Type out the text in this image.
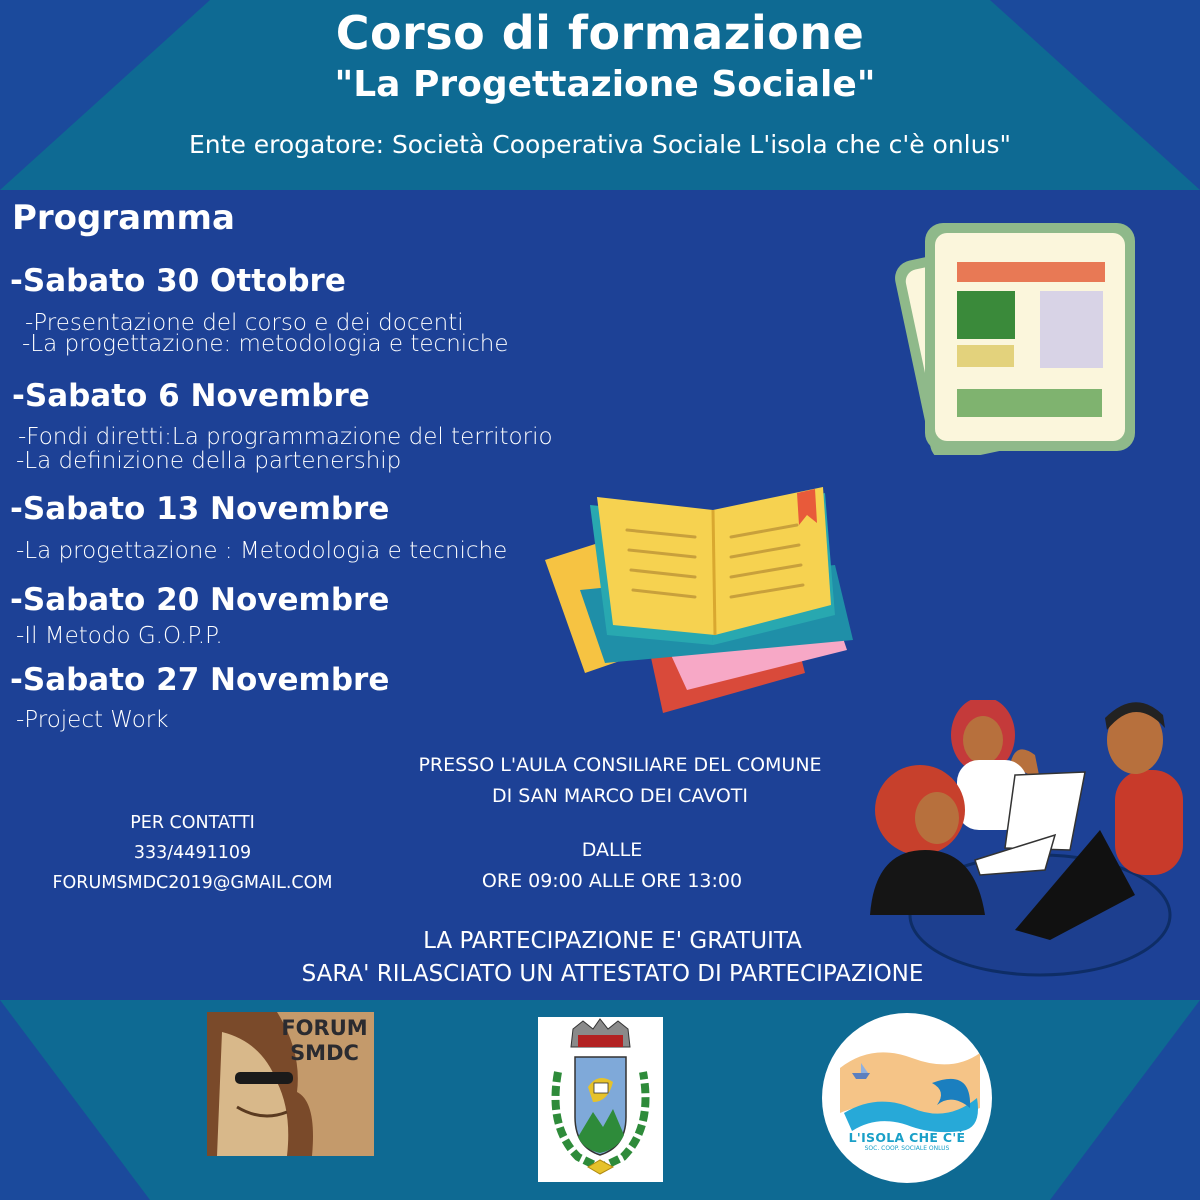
Corso di formazione
"La Progettazione Sociale"
Ente erogatore: Società Cooperativa Sociale L'isola che c'è onlus"
Programma
-Sabato 30 Ottobre
-Presentazione del corso e dei docenti
-La progettazione: metodologia e tecniche
-Sabato 6 Novembre
-Fondi diretti:La programmazione del territorio
-La definizione della partenership
-Sabato 13 Novembre
-La progettazione : Metodologia e tecniche
-Sabato 20 Novembre
-Il Metodo G.O.P.P.
-Sabato 27 Novembre
-Project Work
PRESSO L'AULA CONSILIARE DEL COMUNE
DI SAN MARCO DEI CAVOTI
PER CONTATTI
333/4491109
FORUMSMDC2019@GMAIL.COM
DALLE
ORE 09:00 ALLE ORE 13:00
LA PARTECIPAZIONE E' GRATUITA
SARA' RILASCIATO UN ATTESTATO DI PARTECIPAZIONE
FORUM
SMDC
L'ISOLA CHE C'È
SOC. COOP. SOCIALE ONLUS
